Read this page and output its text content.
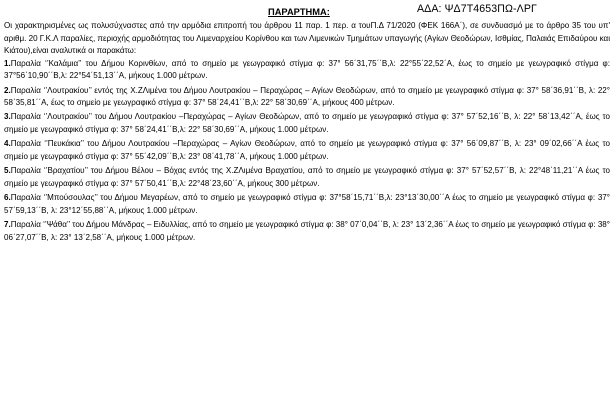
ΠΑΡΑΡΤΗΜΑ:	ΑΔΑ: ΨΔ7Τ4653ΠΩ-ΛΡΓ

Οι χαρακτηρισμένες ως πολυσύχναστες από την αρμόδια επιτροπή του άρθρου 11 παρ. 1 περ. α τουΠ.Δ 71/2020 (ΦΕΚ 166Α΄), σε συνδυασμό με το άρθρο 35 του υπ' αριθμ. 20 Γ.Κ.Λ παραλίες, περιοχής αρμοδιότητας του Λιμεναρχείου Κορίνθου και των Λιμενικών Τμημάτων υπαγωγής (Αγίων Θεοδώρων, Ισθμίας, Παλαιάς Επιδαύρου και Κιάτου),είναι αναλυτικά οι παρακάτω:

1.Παραλία ‘’Καλάμια’’ του Δήμου Κορινθίων, από το σημείο με γεωγραφικό στίγμα φ: 37° 56΄31,75΄΄Β,λ: 22°55΄22,52΄Α, έως το σημείο με γεωγραφικό στίγμα φ: 37°56΄10,90΄΄Β,λ: 22°54΄51,13΄΄Α, μήκους 1.000 μέτρων.

2.Παραλία ‘’Λουτρακίου’’ εντός της Χ.ΖΛιμένα του Δήμου Λουτρακίου – Περαχώρας – Αγίων Θεοδώρων, από το σημείο με γεωγραφικό στίγμα φ: 37° 58΄36,91΄΄Β, λ: 22° 58΄35,81΄΄Α, έως το σημείο με γεωγραφικό στίγμα φ: 37° 58΄24,41΄΄Β,λ: 22° 58΄30,69΄΄Α, μήκους 400 μέτρων.

3.Παραλία ‘’Λουτρακίου’’ του Δήμου Λουτρακίου –Περαχώρας – Αγίων Θεοδώρων, από το σημείο με γεωγραφικό στίγμα φ: 37° 57΄52,16΄΄Β, λ: 22° 58΄13,42΄΄Α, έως το σημείο με γεωγραφικό στίγμα φ: 37° 58΄24,41΄΄Β,λ: 22° 58΄30,69΄΄Α, μήκους 1.000 μέτρων.

4.Παραλία ‘’Πευκάκια’’ του Δήμου Λουτρακίου –Περαχώρας – Αγίων Θεοδώρων, από το σημείο με γεωγραφικό στίγμα φ: 37° 56΄09,87΄΄Β, λ: 23° 09΄02,66΄΄Α έως το σημείο με γεωγραφικό στίγμα φ: 37° 55΄42,09΄΄Β,λ: 23° 08΄41,78΄΄Α, μήκους 1.000 μέτρων.

5.Παραλία ‘’Βραχατίου’’ του Δήμου Βέλου – Βόχας εντός της Χ.ΖΛιμένα Βραχατίου, από το σημείο με γεωγραφικό στίγμα φ: 37° 57΄52,57΄΄Β, λ: 22°48΄11,21΄΄Α έως το σημείο με γεωγραφικό στίγμα φ: 37° 57΄50,41΄΄Β,λ: 22°48΄23,60΄΄Α, μήκους 300 μέτρων.

6.Παραλία ‘’Μπούσουλας’’ του Δήμου Μεγαρέων, από το σημείο με γεωγραφικό στίγμα φ: 37°58΄15,71΄΄Β,λ: 23°13΄30,00΄΄Α έως το σημείο με γεωγραφικό στίγμα φ: 37° 57΄59,13΄΄Β, λ: 23°12΄55,88΄΄Α, μήκους 1.000 μέτρων.

7.Παραλία ‘’Ψάθα’’ του Δήμου Μάνδρας – Ειδυλλίας, από το σημείο με γεωγραφικό στίγμα φ: 38° 07΄0,04΄΄Β, λ: 23° 13΄2,36΄΄Α έως το σημείο με γεωγραφικό στίγμα φ: 38° 06΄27,07΄΄Β, λ: 23° 13΄2,58΄΄Α, μήκους 1.000 μέτρων.
